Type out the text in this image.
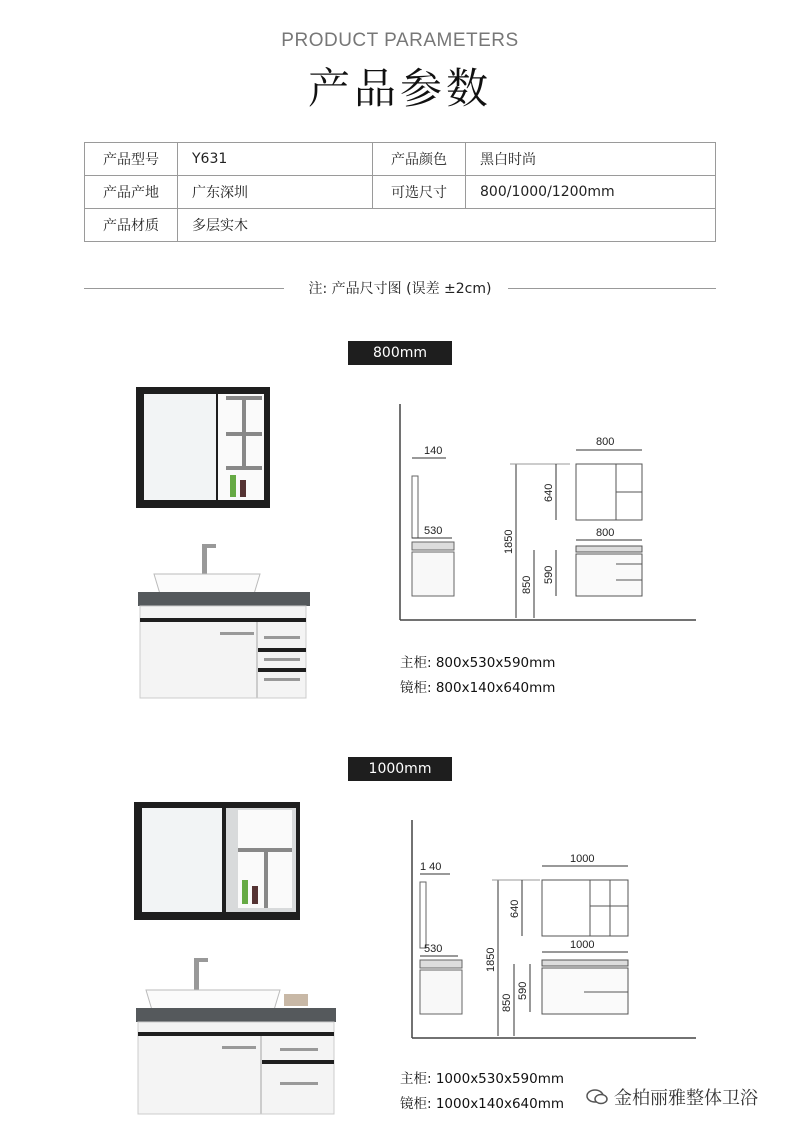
PRODUCT PARAMETERS
产品参数
产品型号	Y631	产品颜色	黑白时尚
产品产地	广东深圳	可选尺寸	800/1000/1200mm
产品材质	多层实木		
注: 产品尺寸图 (误差 ±2cm)
800mm
140
530	1850
640
850
590
800
800
主柜: 800x530x590mm
镜柜: 800x140x640mm
1000mm
1 40
530	1850
640
850
590
1000
1000
主柜: 1000x530x590mm
镜柜: 1000x140x640mm	金柏丽雅整体卫浴
